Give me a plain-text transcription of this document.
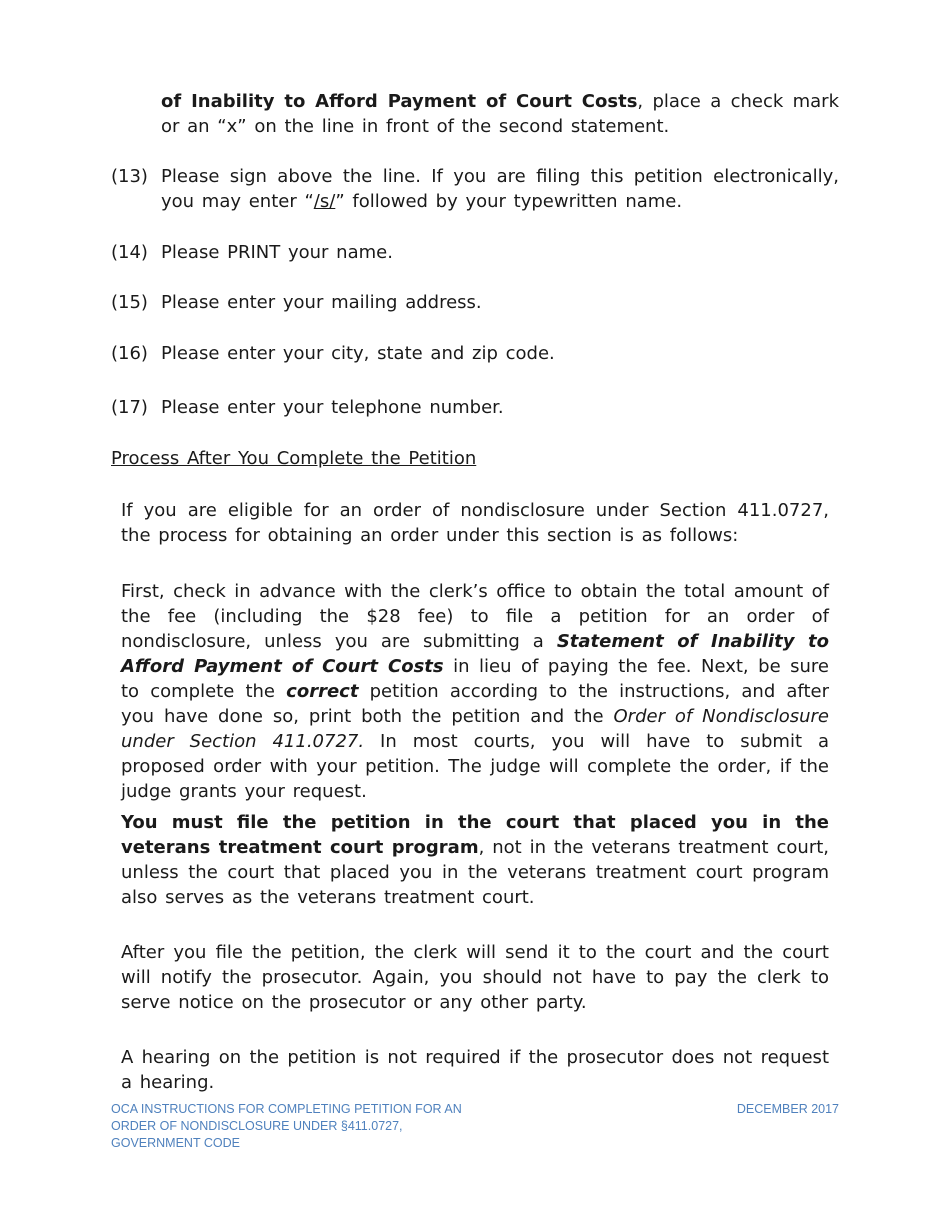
of Inability to Afford Payment of Court Costs, place a check mark or an “x” on the line in front of the second statement.
(13) Please sign above the line. If you are filing this petition electronically, you may enter “/s/” followed by your typewritten name.
(14) Please PRINT your name.
(15) Please enter your mailing address.
(16) Please enter your city, state and zip code.
(17) Please enter your telephone number.
Process After You Complete the Petition

If you are eligible for an order of nondisclosure under Section 411.0727, the process for obtaining an order under this section is as follows:

First, check in advance with the clerk’s office to obtain the total amount of the fee (including the $28 fee) to file a petition for an order of nondisclosure, unless you are submitting a Statement of Inability to Afford Payment of Court Costs in lieu of paying the fee. Next, be sure to complete the correct petition according to the instructions, and after you have done so, print both the petition and the Order of Nondisclosure under Section 411.0727. In most courts, you will have to submit a proposed order with your petition. The judge will complete the order, if the judge grants your request.

You must file the petition in the court that placed you in the veterans treatment court program, not in the veterans treatment court, unless the court that placed you in the veterans treatment court program also serves as the veterans treatment court.

After you file the petition, the clerk will send it to the court and the court will notify the prosecutor. Again, you should not have to pay the clerk to serve notice on the prosecutor or any other party.

A hearing on the petition is not required if the prosecutor does not request a hearing.

OCA INSTRUCTIONS FOR COMPLETING PETITION FOR AN
ORDER OF NONDISCLOSURE UNDER §411.0727,
GOVERNMENT CODE
DECEMBER 2017
